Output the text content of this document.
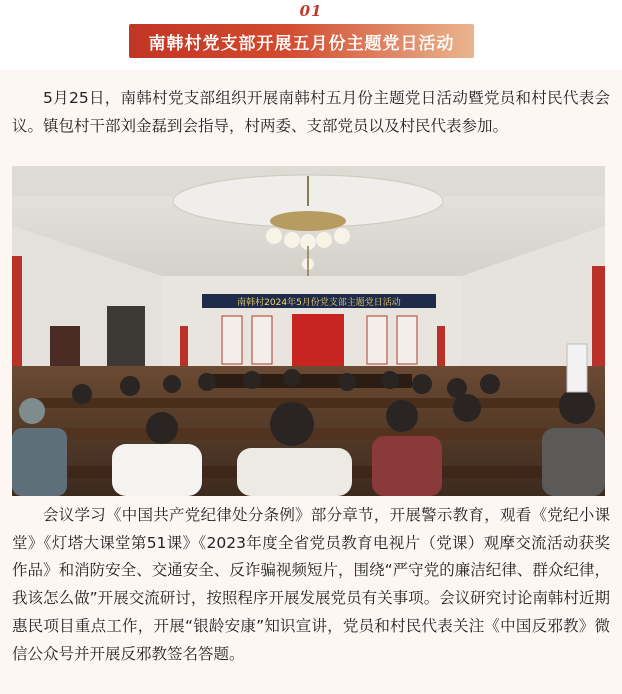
01
南韩村党支部开展五月份主题党日活动

5月25日，南韩村党支部组织开展南韩村五月份主题党日活动暨党员和村民代表会议。镇包村干部刘金磊到会指导，村两委、支部党员以及村民代表参加。

南韩村2024年5月份党支部主题党日活动

会议学习《中国共产党纪律处分条例》部分章节，开展警示教育，观看《党纪小课堂》《灯塔大课堂第51课》《2023年度全省党员教育电视片（党课）观摩交流活动获奖作品》和消防安全、交通安全、反诈骗视频短片，围绕“严守党的廉洁纪律、群众纪律，我该怎么做”开展交流研讨，按照程序开展发展党员有关事项。会议研究讨论南韩村近期惠民项目重点工作，开展“银龄安康”知识宣讲，党员和村民代表关注《中国反邪教》微信公众号并开展反邪教签名答题。
